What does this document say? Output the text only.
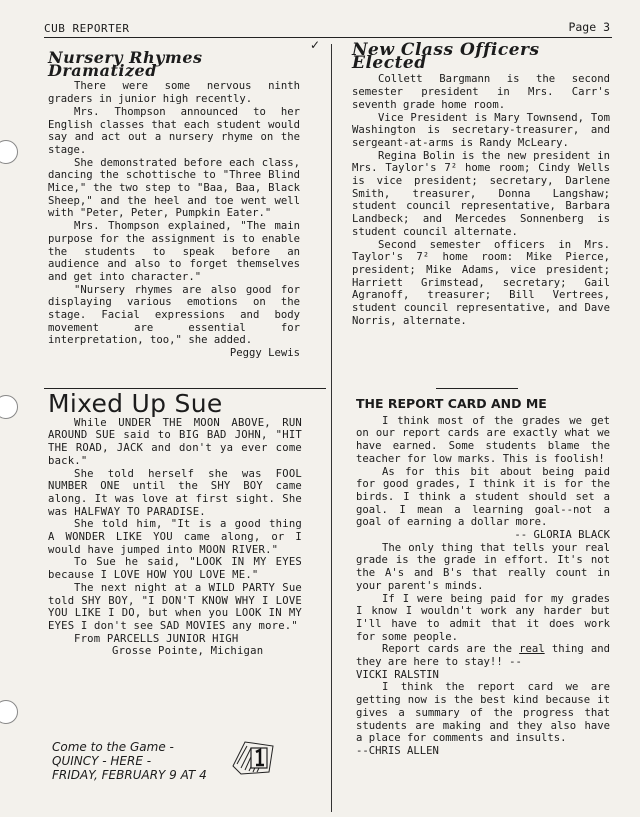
CUB REPORTER	Page 3
✓
Nursery Rhymes Dramatized

There were some nervous ninth graders in junior high recently.

Mrs. Thompson announced to her English classes that each student would say and act out a nursery rhyme on the stage.

She demonstrated before each class, dancing the schottische to "Three Blind Mice," the two step to "Baa, Baa, Black Sheep," and the heel and toe went well with "Peter, Peter, Pumpkin Eater."

Mrs. Thompson explained, "The main purpose for the assignment is to enable the students to speak before an audience and also to forget themselves and get into character."

"Nursery rhymes are also good for displaying various emotions on the stage. Facial expressions and body movement are essential for interpretation, too," she added.

Peggy Lewis

Mixed Up Sue

While UNDER THE MOON ABOVE, RUN AROUND SUE said to BIG BAD JOHN, "HIT THE ROAD, JACK and don't ya ever come back."

She told herself she was FOOL NUMBER ONE until the SHY BOY came along. It was love at first sight. She was HALFWAY TO PARADISE.

She told him, "It is a good thing A WONDER LIKE YOU came along, or I would have jumped into MOON RIVER."

To Sue he said, "LOOK IN MY EYES because I LOVE HOW YOU LOVE ME."

The next night at a WILD PARTY Sue told SHY BOY, "I DON'T KNOW WHY I LOVE YOU LIKE I DO, but when you LOOK IN MY EYES I don't see SAD MOVIES any more."

From PARCELLS JUNIOR HIGH

Grosse Pointe, Michigan

Come to the Game -
QUINCY - HERE -
FRIDAY, FEBRUARY 9 AT 4
New Class Officers Elected

Collett Bargmann is the second semester president in Mrs. Carr's seventh grade home room.

Vice President is Mary Townsend, Tom Washington is secretary-treasurer, and sergeant-at-arms is Randy McLeary.

Regina Bolin is the new president in Mrs. Taylor's 7² home room; Cindy Wells is vice president; secretary, Darlene Smith, treasurer, Donna Langshaw; student council representative, Barbara Landbeck; and Mercedes Sonnenberg is student council alternate.

Second semester officers in Mrs. Taylor's 7² home room: Mike Pierce, president; Mike Adams, vice president; Harriett Grimstead, secretary; Gail Agranoff, treasurer; Bill Vertrees, student council representative, and Dave Norris, alternate.

THE REPORT CARD AND ME

I think most of the grades we get on our report cards are exactly what we have earned. Some students blame the teacher for low marks. This is foolish!

As for this bit about being paid for good grades, I think it is for the birds. I think a student should set a goal. I mean a learning goal--not a goal of earning a dollar more.

-- GLORIA BLACK

The only thing that tells your real grade is the grade in effort. It's not the A's and B's that really count in your parent's minds.

If I were being paid for my grades I know I wouldn't work any harder but I'll have to admit that it does work for some people.

Report cards are the real thing and they are here to stay!! --

VICKI RALSTIN

I think the report card we are getting now is the best kind because it gives a summary of the progress that students are making and they also have a place for comments and insults.

--CHRIS ALLEN
